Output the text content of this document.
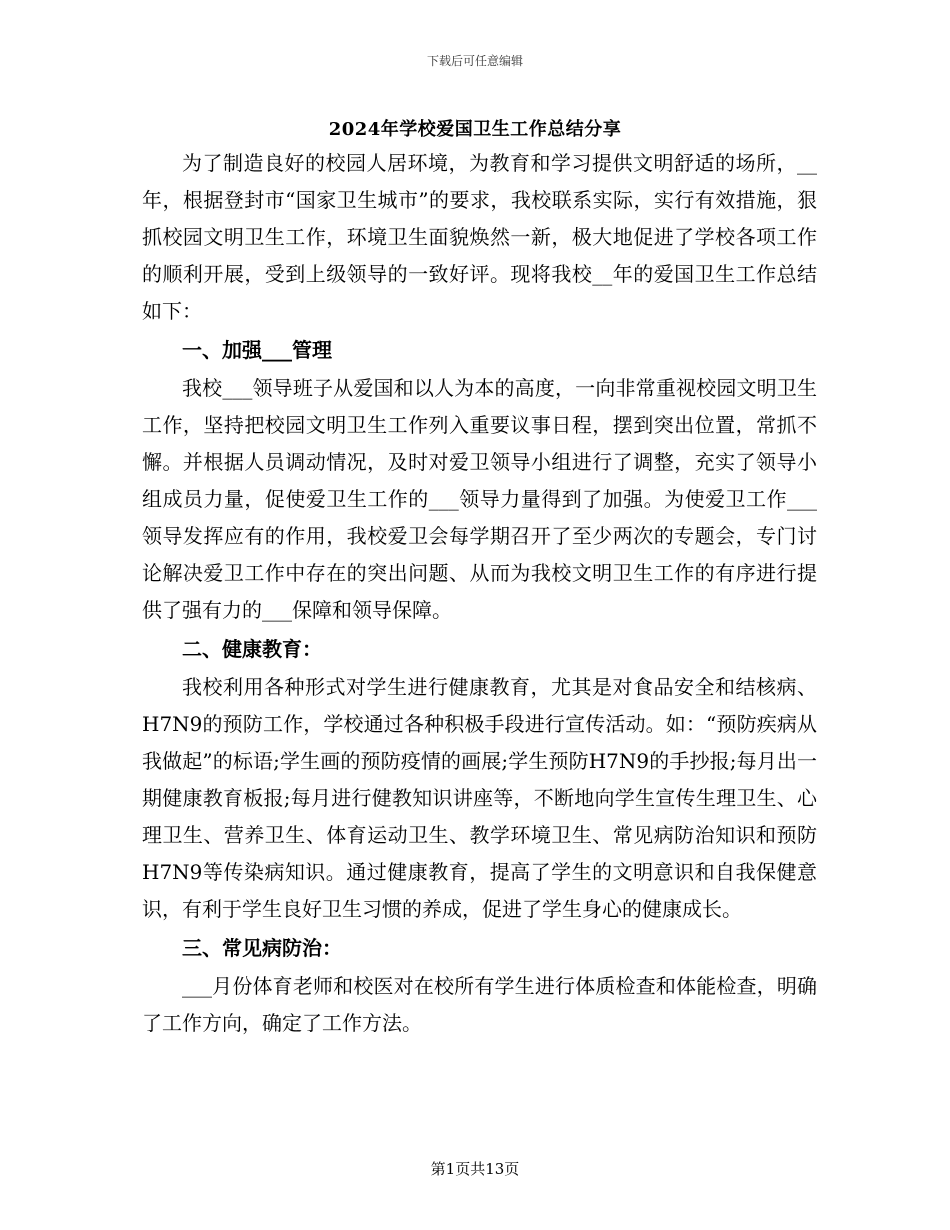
下载后可任意编辑
2024年学校爱国卫生工作总结分享

为了制造良好的校园人居环境，为教育和学习提供文明舒适的场所，__年，根据登封市“国家卫生城市”的要求，我校联系实际，实行有效措施，狠抓校园文明卫生工作，环境卫生面貌焕然一新，极大地促进了学校各项工作的顺利开展，受到上级领导的一致好评。现将我校__年的爱国卫生工作总结如下：

一、加强___管理

我校___领导班子从爱国和以人为本的高度，一向非常重视校园文明卫生工作，坚持把校园文明卫生工作列入重要议事日程，摆到突出位置，常抓不懈。并根据人员调动情况，及时对爱卫领导小组进行了调整，充实了领导小组成员力量，促使爱卫生工作的___领导力量得到了加强。为使爱卫工作___领导发挥应有的作用，我校爱卫会每学期召开了至少两次的专题会，专门讨论解决爱卫工作中存在的突出问题、从而为我校文明卫生工作的有序进行提供了强有力的___保障和领导保障。

二、健康教育：

我校利用各种形式对学生进行健康教育，尤其是对食品安全和结核病、H7N9的预防工作，学校通过各种积极手段进行宣传活动。如：“预防疾病从我做起”的标语;学生画的预防疫情的画展;学生预防H7N9的手抄报;每月出一期健康教育板报;每月进行健教知识讲座等，不断地向学生宣传生理卫生、心理卫生、营养卫生、体育运动卫生、教学环境卫生、常见病防治知识和预防H7N9等传染病知识。通过健康教育，提高了学生的文明意识和自我保健意识，有利于学生良好卫生习惯的养成，促进了学生身心的健康成长。

三、常见病防治：

___月份体育老师和校医对在校所有学生进行体质检查和体能检查，明确了工作方向，确定了工作方法。

第1页共13页
